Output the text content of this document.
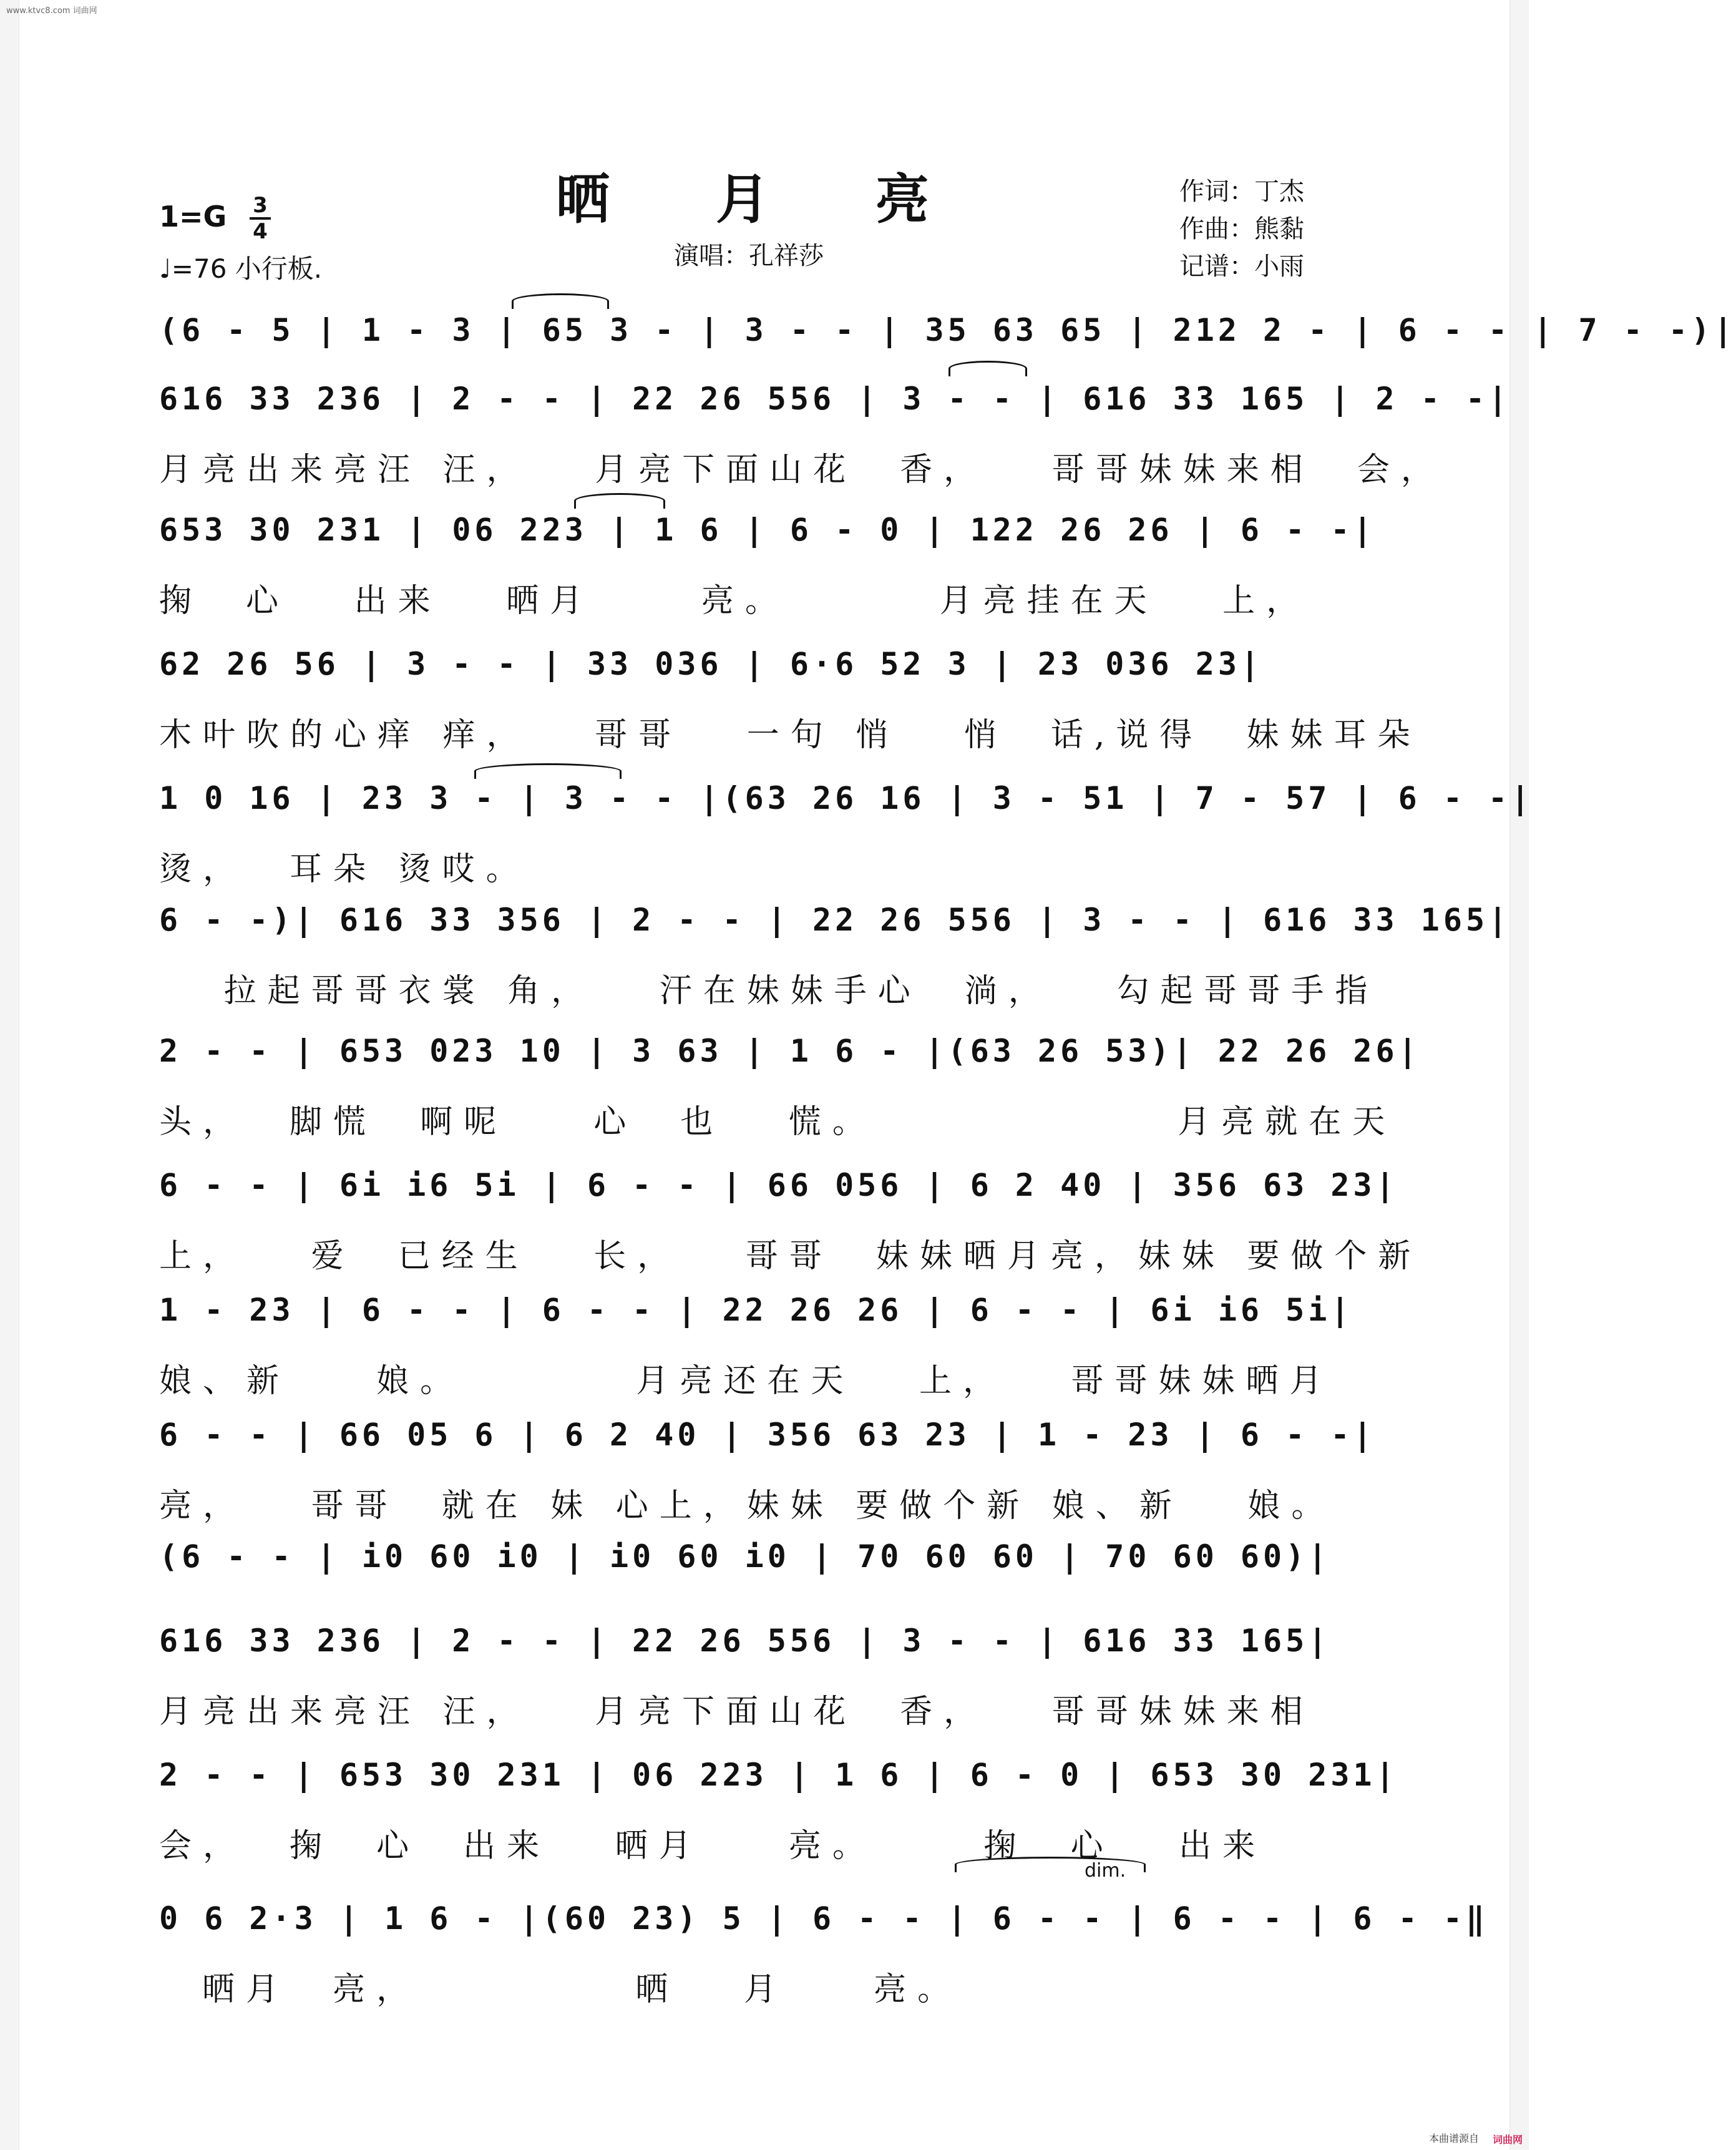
www.ktvc8.com 词曲网
晒 月 亮
1=G 3
4
♩=76 小行板.	演唱：孔祥莎
作词：丁杰
作曲：熊黏
记谱：小雨
(6 - 5 | 1 - 3 | 65 3 - | 3 - - | 35 63 65 | 212 2 - | 6 - - | 7 - -)|
616 33 236 | 2 - - | 22 26 556 | 3 - - | 616 33 165 | 2 - -|
月亮出来亮汪 汪，   月亮下面山花  香，   哥哥妹妹来相  会，
653 30 231 | 06 223 | 1 6 | 6 - 0 | 122 26 26 | 6 - -|
掬  心   出来   晒月     亮。       月亮挂在天   上，
62 26 56 | 3 - - | 33 036 | 6·6 52 3 | 23 036 23|
木叶吹的心痒 痒，   哥哥   一句 悄   悄  话,说得  妹妹耳朵
1 0 16 | 23 3 - | 3 - - |(63 26 16 | 3 - 51 | 7 - 57 | 6 - -|
烫，  耳朵 烫哎。
6 - -)| 616 33 356 | 2 - - | 22 26 556 | 3 - - | 616 33 165|
拉起哥哥衣裳 角，   汗在妹妹手心  淌，   勾起哥哥手指
2 - - | 653 023 10 | 3 63 | 1 6 - |(63 26 53)| 22 26 26|
头，  脚慌  啊呢    心  也   慌。              月亮就在天
6 - - | 6i i6 5i | 6 - - | 66 056 | 6 2 40 | 356 63 23|
上，   爱  已经生   长，   哥哥  妹妹晒月亮，妹妹 要做个新
1 - 23 | 6 - - | 6 - - | 22 26 26 | 6 - - | 6i i6 5i|
娘、新    娘。        月亮还在天   上，   哥哥妹妹晒月
6 - - | 66 05 6 | 6 2 40 | 356 63 23 | 1 - 23 | 6 - -|
亮，   哥哥  就在 妹 心上，妹妹 要做个新 娘、新   娘。
(6 - - | i0 60 i0 | i0 60 i0 | 70 60 60 | 70 60 60)|
616 33 236 | 2 - - | 22 26 556 | 3 - - | 616 33 165|
月亮出来亮汪 汪，   月亮下面山花  香，   哥哥妹妹来相
2 - - | 653 30 231 | 06 223 | 1 6 | 6 - 0 | 653 30 231|
会，  掬  心  出来   晒月    亮。     掬  心   出来
dim.
0 6 2·3 | 1 6 - |(60 23) 5 | 6 - - | 6 - - | 6 - - | 6 - -‖
晒月  亮，          晒   月    亮。
本曲谱源自 词曲网
